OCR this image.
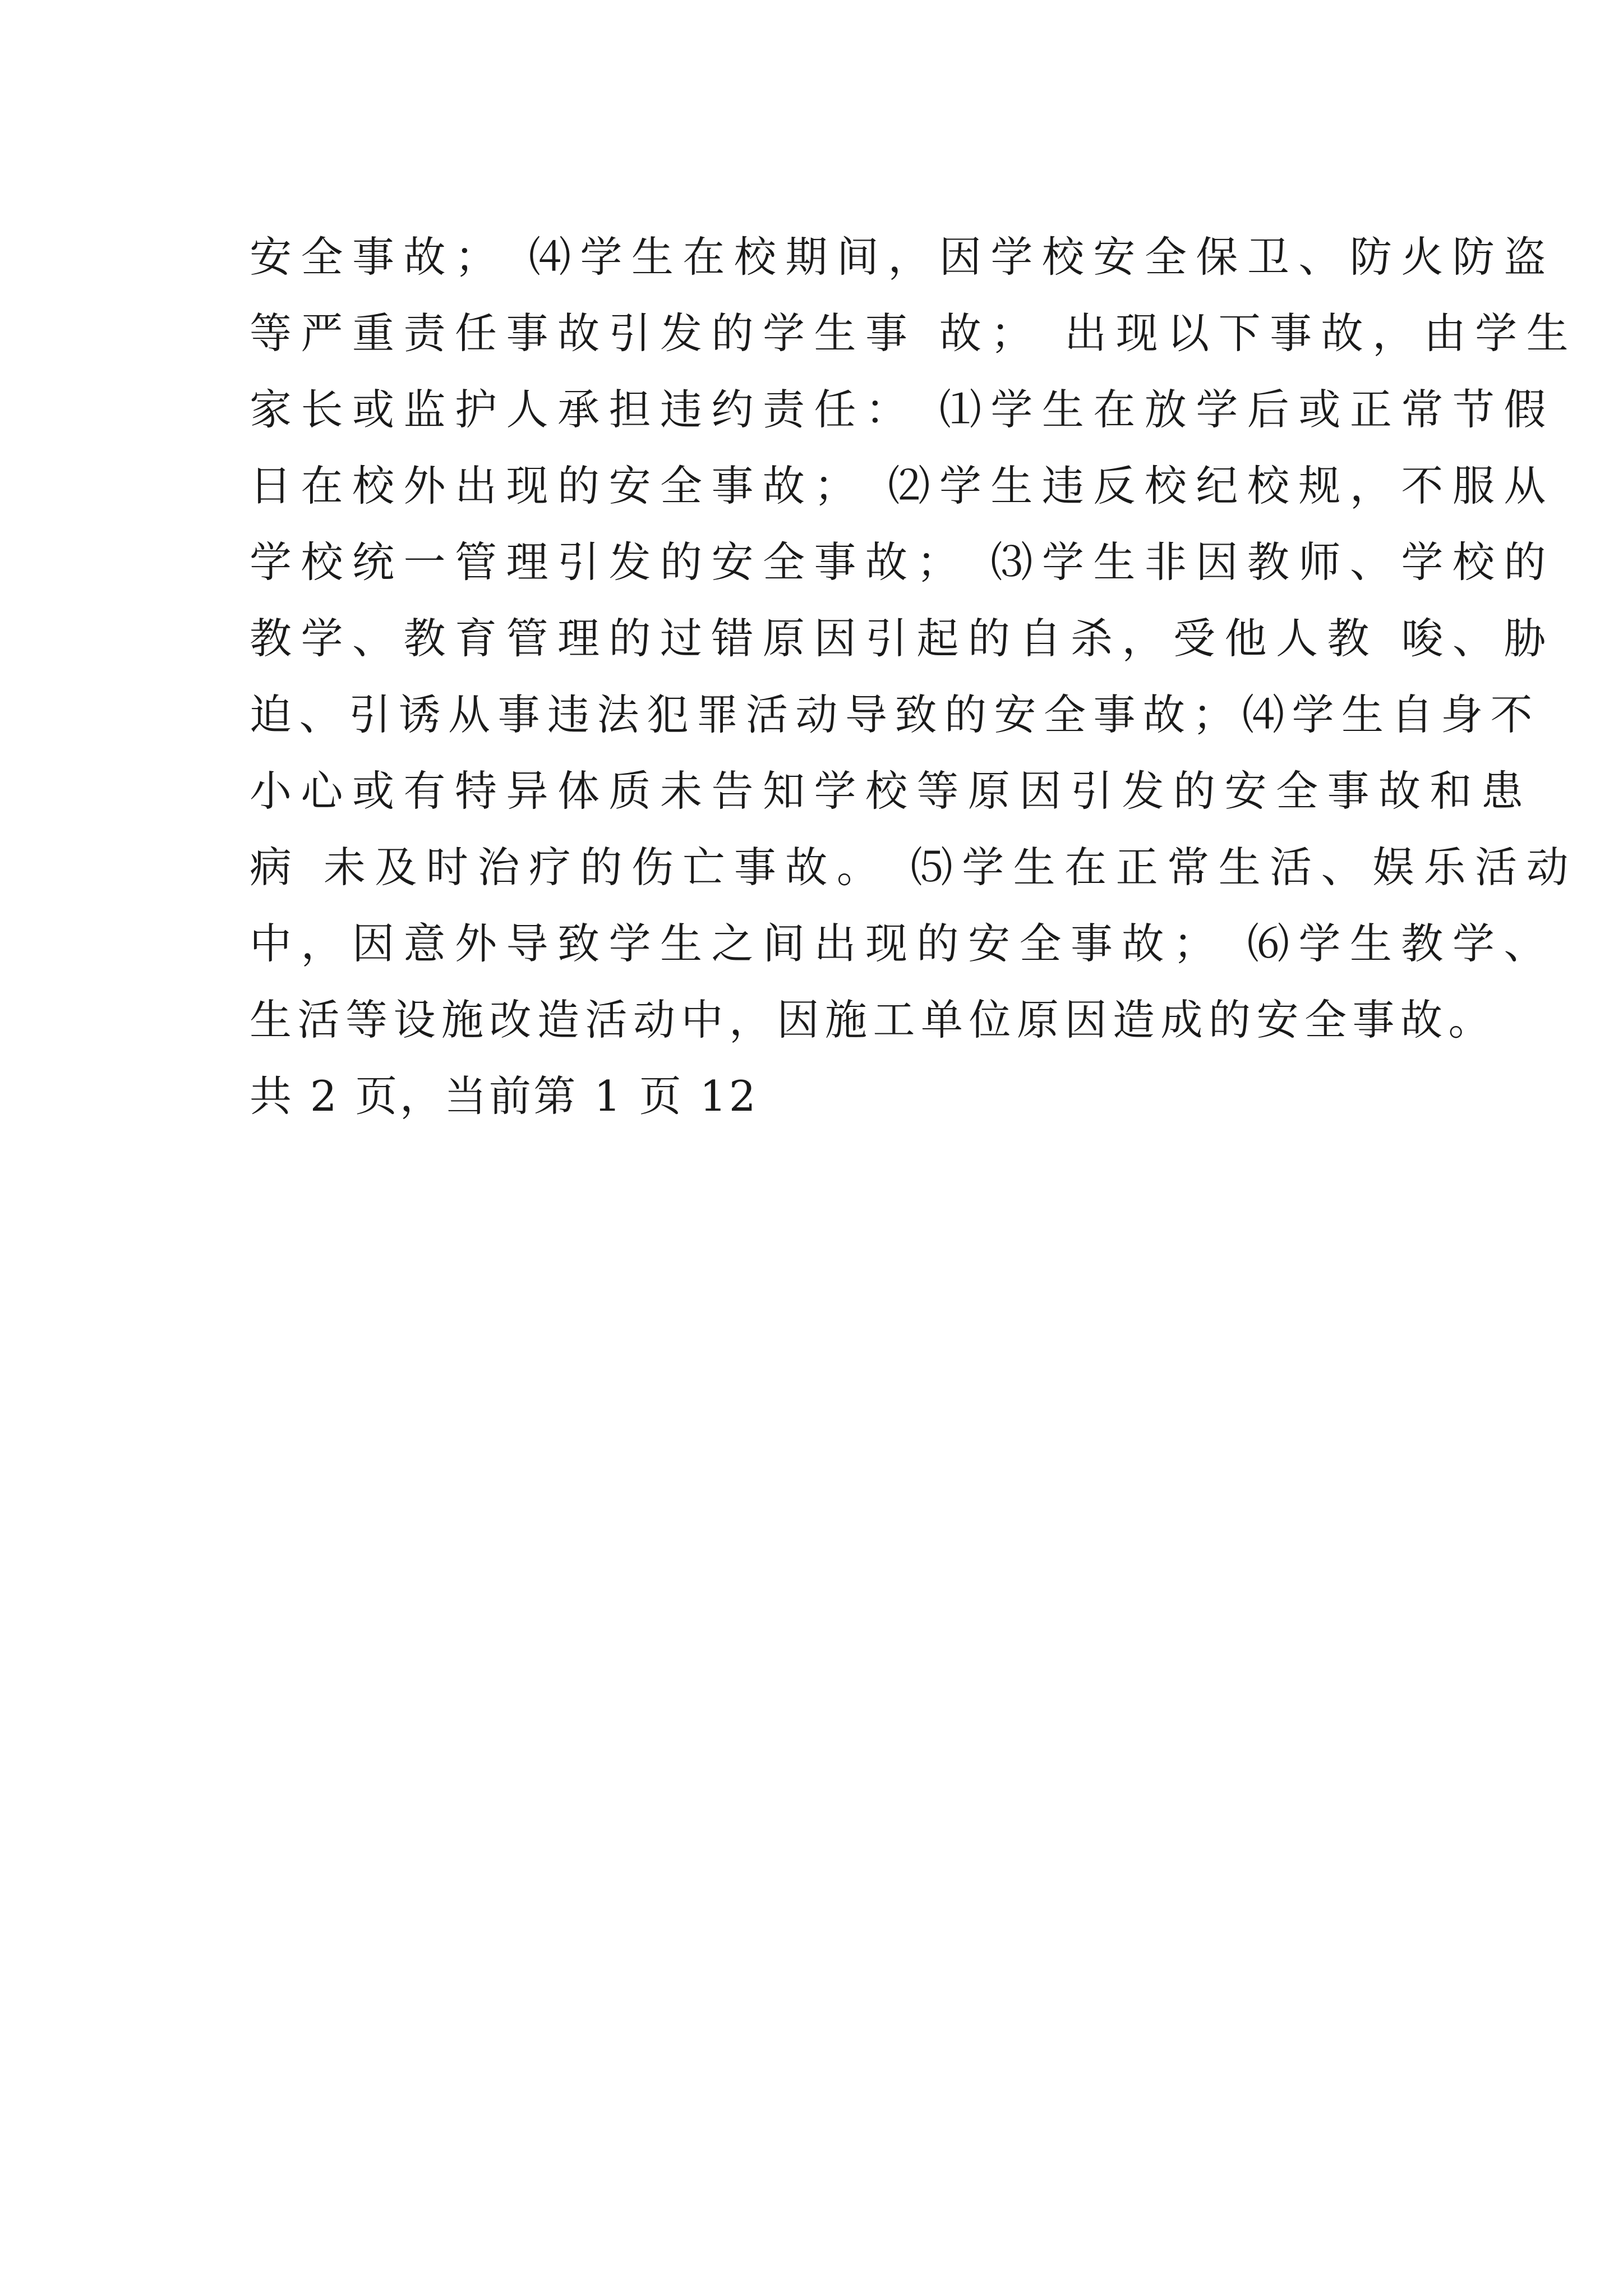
安全事故； ⑷学生在校期间，因学校安全保卫、防火防盗
等严重责任事故引发的学生事 故； 出现以下事故，由学生
家长或监护人承担违约责任： ⑴学生在放学后或正常节假
日在校外出现的安全事故； ⑵学生违反校纪校规，不服从
学校统一管理引发的安全事故； ⑶学生非因教师、学校的
教学、教育管理的过错原因引起的自杀，受他人教 唆、胁
迫、引诱从事违法犯罪活动导致的安全事故；⑷学生自身不
小心或有特异体质未告知学校等原因引发的安全事故和患
病 未及时治疗的伤亡事故。 ⑸学生在正常生活、娱乐活动
中，因意外导致学生之间出现的安全事故； ⑹学生教学、
生活等设施改造活动中，因施工单位原因造成的安全事故。
共 2 页，当前第 1 页 12
